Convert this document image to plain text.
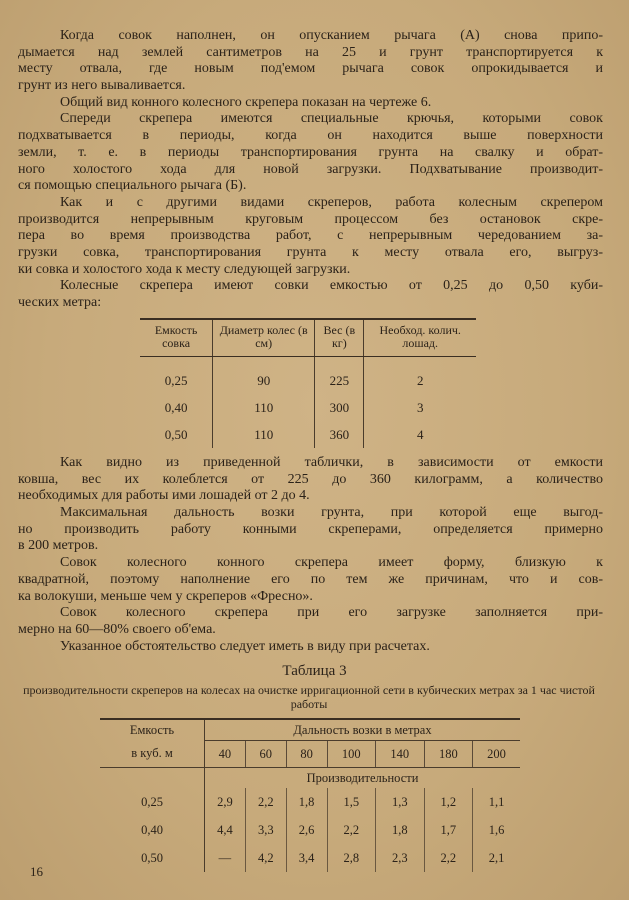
Когда совок наполнен, он опусканием рычага (А) снова припо-
дымается над землей сантиметров на 25 и грунт транспортируется к
месту отвала, где новым под'емом рычага совок опрокидывается и
грунт из него вываливается.
Общий вид конного колесного скрепера показан на чертеже 6.
Спереди скрепера имеются специальные крючья, которыми совок
подхватывается в периоды, когда он находится выше поверхности
земли, т. е. в периоды транспортирования грунта на свалку и обрат-
ного холостого хода для новой загрузки. Подхватывание производит-
ся помощью специального рычага (Б).
Как и с другими видами скреперов, работа колесным скрепером
производится непрерывным круговым процессом без остановок скре-
пера во время производства работ, с непрерывным чередованием за-
грузки совка, транспортирования грунта к месту отвала его, выгруз-
ки совка и холостого хода к месту следующей загрузки.
Колесные скрепера имеют совки емкостью от 0,25 до 0,50 куби-
ческих метра:
Емкость совка	Диаметр колес (в см)	Вес (в кг)	Необход. колич. лошад.
0,25	90	225	2
0,40	110	300	3
0,50	110	360	4
Как видно из приведенной таблички, в зависимости от емкости
ковша, вес их колеблется от 225 до 360 килограмм, а количество
необходимых для работы ими лошадей от 2 до 4.
Максимальная дальность возки грунта, при которой еще выгод-
но производить работу конными скреперами, определяется примерно
в 200 метров.
Совок колесного конного скрепера имеет форму, близкую к
квадратной, поэтому наполнение его по тем же причинам, что и сов-
ка волокуши, меньше чем у скреперов «Фресно».
Совок колесного скрепера при его загрузке заполняется при-
мерно на 60—80% своего об'ема.
Указанное обстоятельство следует иметь в виду при расчетах.
Таблица 3
производительности скреперов на колесах на очистке ирригационной сети в кубических метрах за 1 час чистой работы
Емкость	Дальность возки в метрах						
в куб. м	40	60	80	100	140	180	200
	Производительности						
0,25	2,9	2,2	1,8	1,5	1,3	1,2	1,1
0,40	4,4	3,3	2,6	2,2	1,8	1,7	1,6
0,50	—	4,2	3,4	2,8	2,3	2,2	2,1
16
